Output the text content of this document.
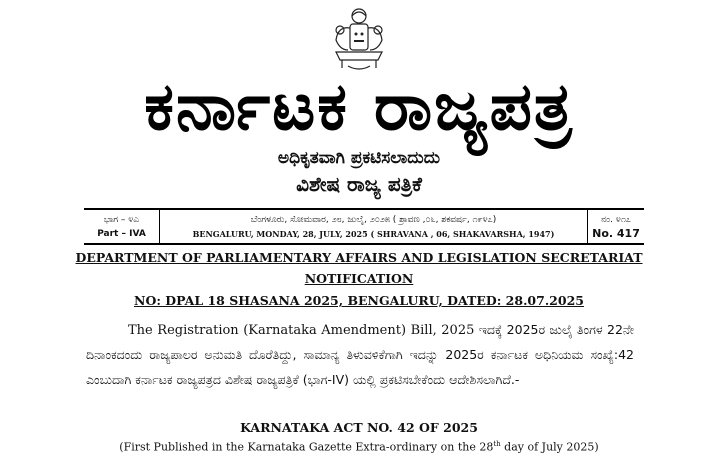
ಕರ್ನಾಟಕ ರಾಜ್ಯಪತ್ರ
ಅಧಿಕೃತವಾಗಿ ಪ್ರಕಟಿಸಲಾದುದು
ವಿಶೇಷ ರಾಜ್ಯ ಪತ್ರಿಕೆ
ಭಾಗ – ೪ಎ
Part – IVA
ಬೆಂಗಳೂರು, ಸೋಮವಾರ, ೨೮, ಜುಲೈ, ೨೦೨೫ ( ಶ್ರಾವಣ ,೦೬, ಶಕವರ್ಷ, ೧೯೪೭)
BENGALURU, MONDAY, 28, JULY, 2025 ( SHRAVANA , 06, SHAKAVARSHA, 1947)
ನಂ. ೪೧೭
No. 417
DEPARTMENT OF PARLIAMENTARY AFFAIRS AND LEGISLATION SECRETARIAT
NOTIFICATION
NO: DPAL 18 SHASANA 2025, BENGALURU, DATED: 28.07.2025

The Registration (Karnataka Amendment) Bill, 2025 ಇದಕ್ಕೆ 2025ರ ಜುಲೈ ತಿಂಗಳ 22ನೇ ದಿನಾಂಕದಂದು ರಾಜ್ಯಪಾಲರ ಅನುಮತಿ ದೊರೆತಿದ್ದು, ಸಾಮಾನ್ಯ ತಿಳುವಳಿಕೆಗಾಗಿ ಇದನ್ನು 2025ರ ಕರ್ನಾಟಕ ಅಧಿನಿಯಮ ಸಂಖ್ಯೆ:42 ಎಂಬುದಾಗಿ ಕರ್ನಾಟಕ ರಾಜ್ಯಪತ್ರದ ವಿಶೇಷ ರಾಜ್ಯಪತ್ರಿಕೆ (ಭಾಗ-IV) ಯಲ್ಲಿ ಪ್ರಕಟಿಸಬೇಕೆಂದು ಆದೇಶಿಸಲಾಗಿದೆ.-

KARNATAKA ACT NO. 42 OF 2025
(First Published in the Karnataka Gazette Extra-ordinary on the 28th day of July 2025)
